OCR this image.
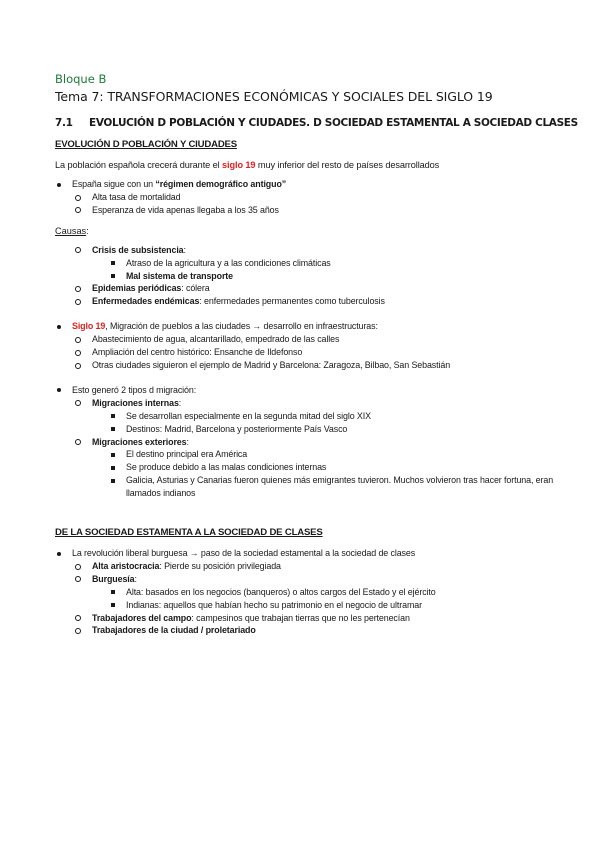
Bloque B
Tema 7: TRANSFORMACIONES ECONÓMICAS Y SOCIALES DEL SIGLO 19
7.1 EVOLUCIÓN D POBLACIÓN Y CIUDADES. D SOCIEDAD ESTAMENTAL A SOCIEDAD CLASES
EVOLUCIÓN D POBLACIÓN Y CIUDADES
La población española crecerá durante el siglo 19 muy inferior del resto de países desarrollados
España sigue con un “régimen demográfico antiguo”
Alta tasa de mortalidad
Esperanza de vida apenas llegaba a los 35 años
Causas:
Crisis de subsistencia:
Atraso de la agricultura y a las condiciones climáticas
Mal sistema de transporte
Epidemias periódicas: cólera
Enfermedades endémicas: enfermedades permanentes como tuberculosis
Siglo 19, Migración de pueblos a las ciudades → desarrollo en infraestructuras:
Abastecimiento de agua, alcantarillado, empedrado de las calles
Ampliación del centro histórico: Ensanche de Ildefonso
Otras ciudades siguieron el ejemplo de Madrid y Barcelona: Zaragoza, Bilbao, San Sebastián
Esto generó 2 tipos d migración:
Migraciones internas:
Se desarrollan especialmente en la segunda mitad del siglo XIX
Destinos: Madrid, Barcelona y posteriormente País Vasco
Migraciones exteriores:
El destino principal era América
Se produce debido a las malas condiciones internas
Galicia, Asturias y Canarias fueron quienes más emigrantes tuvieron. Muchos volvieron tras hacer fortuna, eran llamados indianos
DE LA SOCIEDAD ESTAMENTA A LA SOCIEDAD DE CLASES
La revolución liberal burguesa → paso de la sociedad estamental a la sociedad de clases
Alta aristocracia: Pierde su posición privilegiada
Burguesía:
Alta: basados en los negocios (banqueros) o altos cargos del Estado y el ejército
Indianas: aquellos que habían hecho su patrimonio en el negocio de ultramar
Trabajadores del campo: campesinos que trabajan tierras que no les pertenecían
Trabajadores de la ciudad / proletariado
